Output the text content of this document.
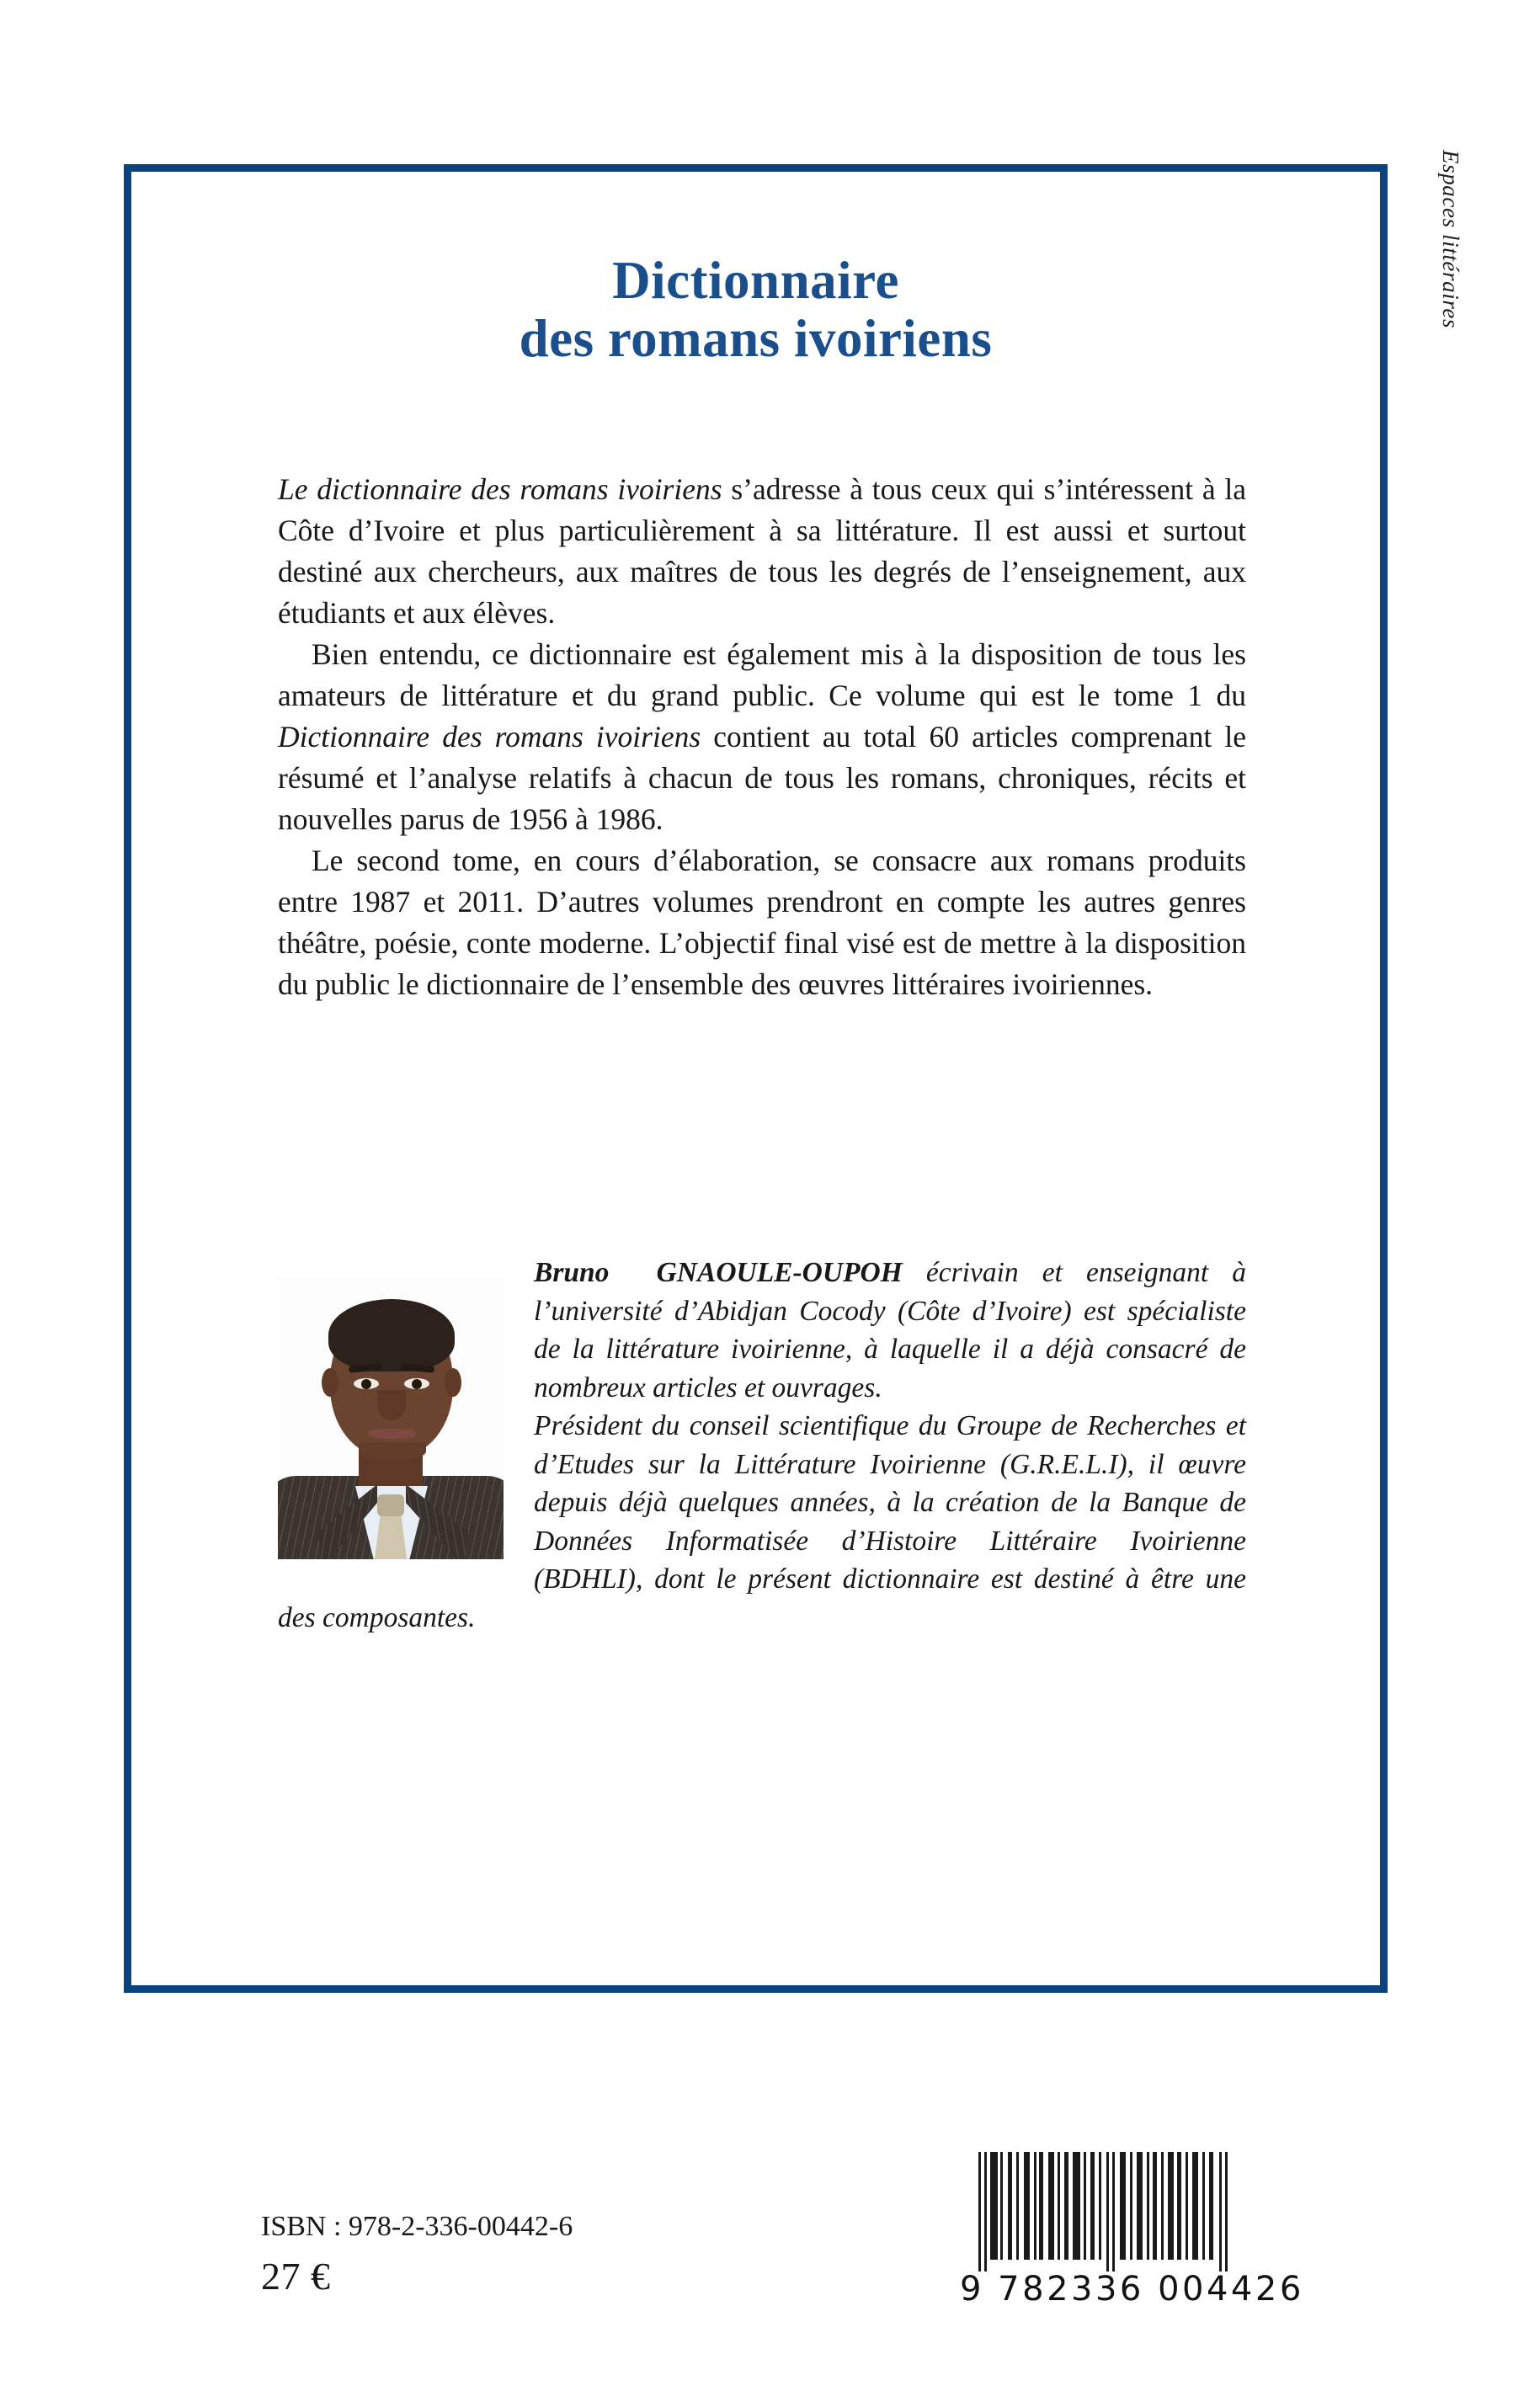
Espaces littéraires
Dictionnaire
des romans ivoiriens

Le dictionnaire des romans ivoiriens s’adresse à tous ceux qui s’intéressent à la Côte d’Ivoire et plus particulièrement à sa littérature. Il est aussi et surtout destiné aux chercheurs, aux maîtres de tous les degrés de l’enseignement, aux étudiants et aux élèves.

Bien entendu, ce dictionnaire est également mis à la disposition de tous les amateurs de littérature et du grand public. Ce volume qui est le tome 1 du Dictionnaire des romans ivoiriens contient au total 60 articles comprenant le résumé et l’analyse relatifs à chacun de tous les romans, chroniques, récits et nouvelles parus de 1956 à 1986.

Le second tome, en cours d’élaboration, se consacre aux romans produits entre 1987 et 2011. D’autres volumes prendront en compte les autres genres théâtre, poésie, conte moderne. L’objectif final visé est de mettre à la disposition du public le dictionnaire de l’ensemble des œuvres littéraires ivoiriennes.

Bruno GNAOULE-OUPOH écrivain et enseignant à l’université d’Abidjan Cocody (Côte d’Ivoire) est spécialiste de la littérature ivoirienne, à laquelle il a déjà consacré de nombreux articles et ouvrages.

Président du conseil scientifique du Groupe de Recherches et d’Etudes sur la Littérature Ivoirienne (G.R.E.L.I), il œuvre depuis déjà quelques années, à la création de la Banque de Données Informatisée d’Histoire Littéraire Ivoirienne (BDHLI), dont le présent dictionnaire est destiné à être une des composantes.

ISBN : 978-2-336-00442-6
27 €	9 782336 004426
